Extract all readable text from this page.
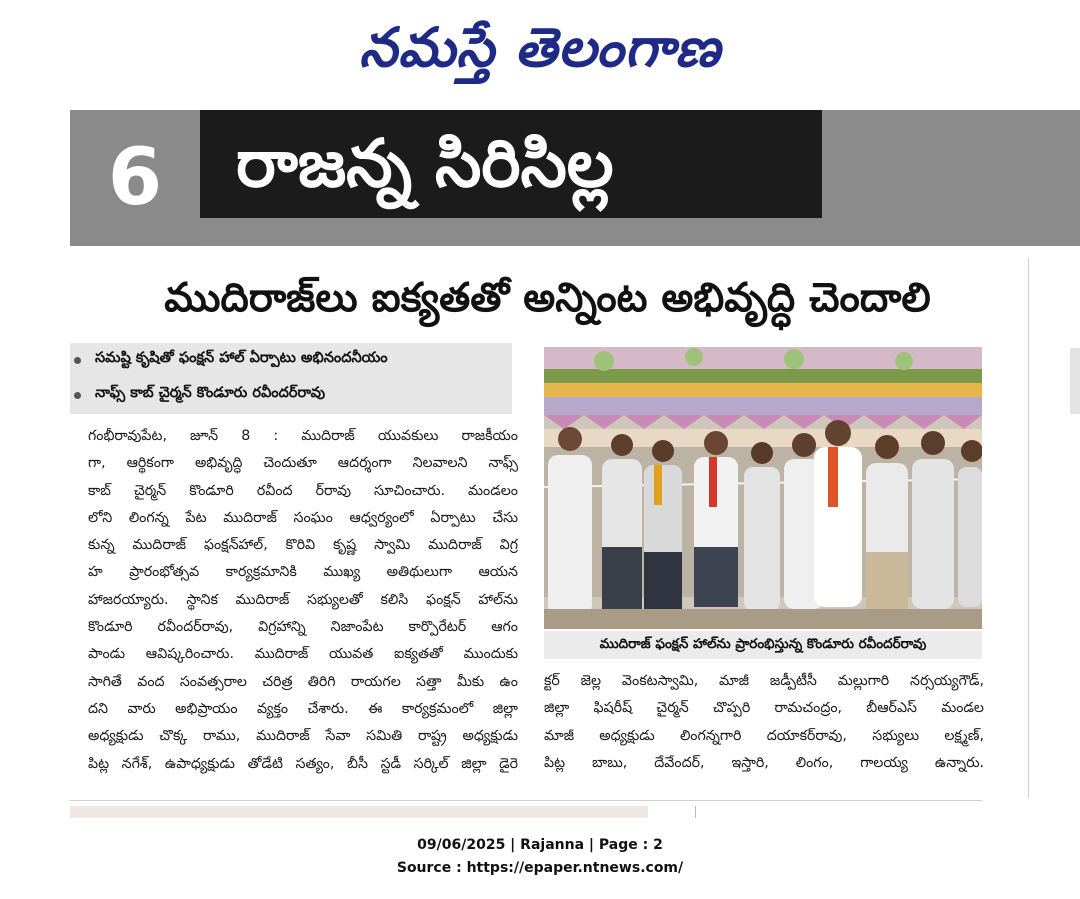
నమస్తే తెలంగాణ
6	రాజన్న సిరిసిల్ల
ముదిరాజ్‌లు ఐక్యతతో అన్నింట అభివృద్ధి చెందాలి
సమష్టి కృషితో ఫంక్షన్ హాల్ ఏర్పాటు అభినందనీయం
నాఫ్స్ కాబ్ చైర్మన్ కొండూరు రవీందర్‌రావు

గంభీరావుపేట, జూన్ 8 : ముదిరాజ్ యువకులు రాజకీయం

గా, ఆర్థికంగా అభివృద్ధి చెందుతూ ఆదర్శంగా నిలవాలని నాఫ్స్

కాబ్ చైర్మన్ కొండూరి రవీంద ర్‌రావు సూచించారు. మండలం

లోని లింగన్న పేట ముదిరాజ్ సంఘం ఆధ్వర్యంలో ఏర్పాటు చేసు

కున్న ముదిరాజ్ ఫంక్షన్‌హాల్, కొరివి కృష్ణ స్వామి ముదిరాజ్ విగ్ర

హ ప్రారంభోత్సవ కార్యక్రమానికి ముఖ్య అతిథులుగా ఆయన

హాజరయ్యారు. స్థానిక ముదిరాజ్ సభ్యులతో కలిసి ఫంక్షన్ హాల్‌ను

కొండూరి రవీందర్‌రావు, విగ్రహాన్ని నిజాంపేట కార్పొరేటర్ ఆగం

పాండు ఆవిష్కరించారు. ముదిరాజ్ యువత ఐక్యతతో ముందుకు

సాగితే వంద సంవత్సరాల చరిత్ర తిరిగి రాయగల సత్తా మీకు ఉం

దని వారు అభిప్రాయం వ్యక్తం చేశారు. ఈ కార్యక్రమంలో జిల్లా

అధ్యక్షుడు చొక్క రాము, ముదిరాజ్ సేవా సమితి రాష్ట్ర అధ్యక్షుడు

పిట్ల నగేశ్, ఉపాధ్యక్షుడు తోడేటి సత్యం, బీసీ స్టడీ సర్కిల్ జిల్లా డైరె

ముదిరాజ్ ఫంక్షన్ హాల్‌ను ప్రారంభిస్తున్న కొండూరు రవీందర్‌రావు

క్టర్ జెల్ల వెంకటస్వామి, మాజీ జడ్పీటీసీ మల్లుగారి నర్సయ్యగౌడ్,

జిల్లా ఫిషరీష్ చైర్మన్ చొప్పరి రామచంద్రం, బీఆర్ఎస్ మండల

మాజీ అధ్యక్షుడు లింగన్నగారి దయాకర్‌రావు, సభ్యులు లక్ష్మణ్,

పిట్ల బాబు, దేవేందర్, ఇస్తారి, లింగం, గాలయ్య ఉన్నారు.

09/06/2025 | Rajanna | Page : 2
Source : https://epaper.ntnews.com/
